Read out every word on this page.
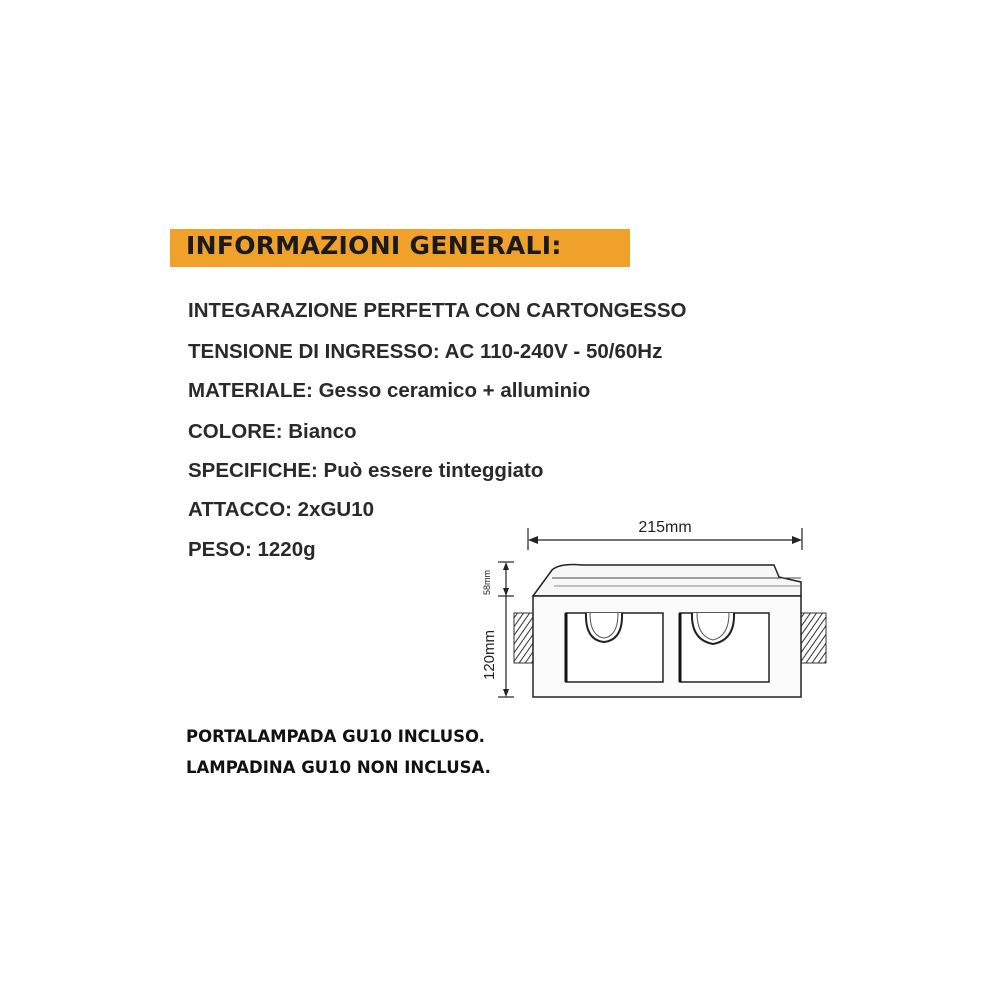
INFORMAZIONI GENERALI:

INTEGARAZIONE PERFETTA CON CARTONGESSO

TENSIONE DI INGRESSO: AC 110-240V - 50/60Hz

MATERIALE: Gesso ceramico + alluminio

COLORE: Bianco

SPECIFICHE: Può essere tinteggiato

ATTACCO: 2xGU10

PESO: 1220g

215mm
58mm
120mm

PORTALAMPADA GU10 INCLUSO.

LAMPADINA GU10 NON INCLUSA.
